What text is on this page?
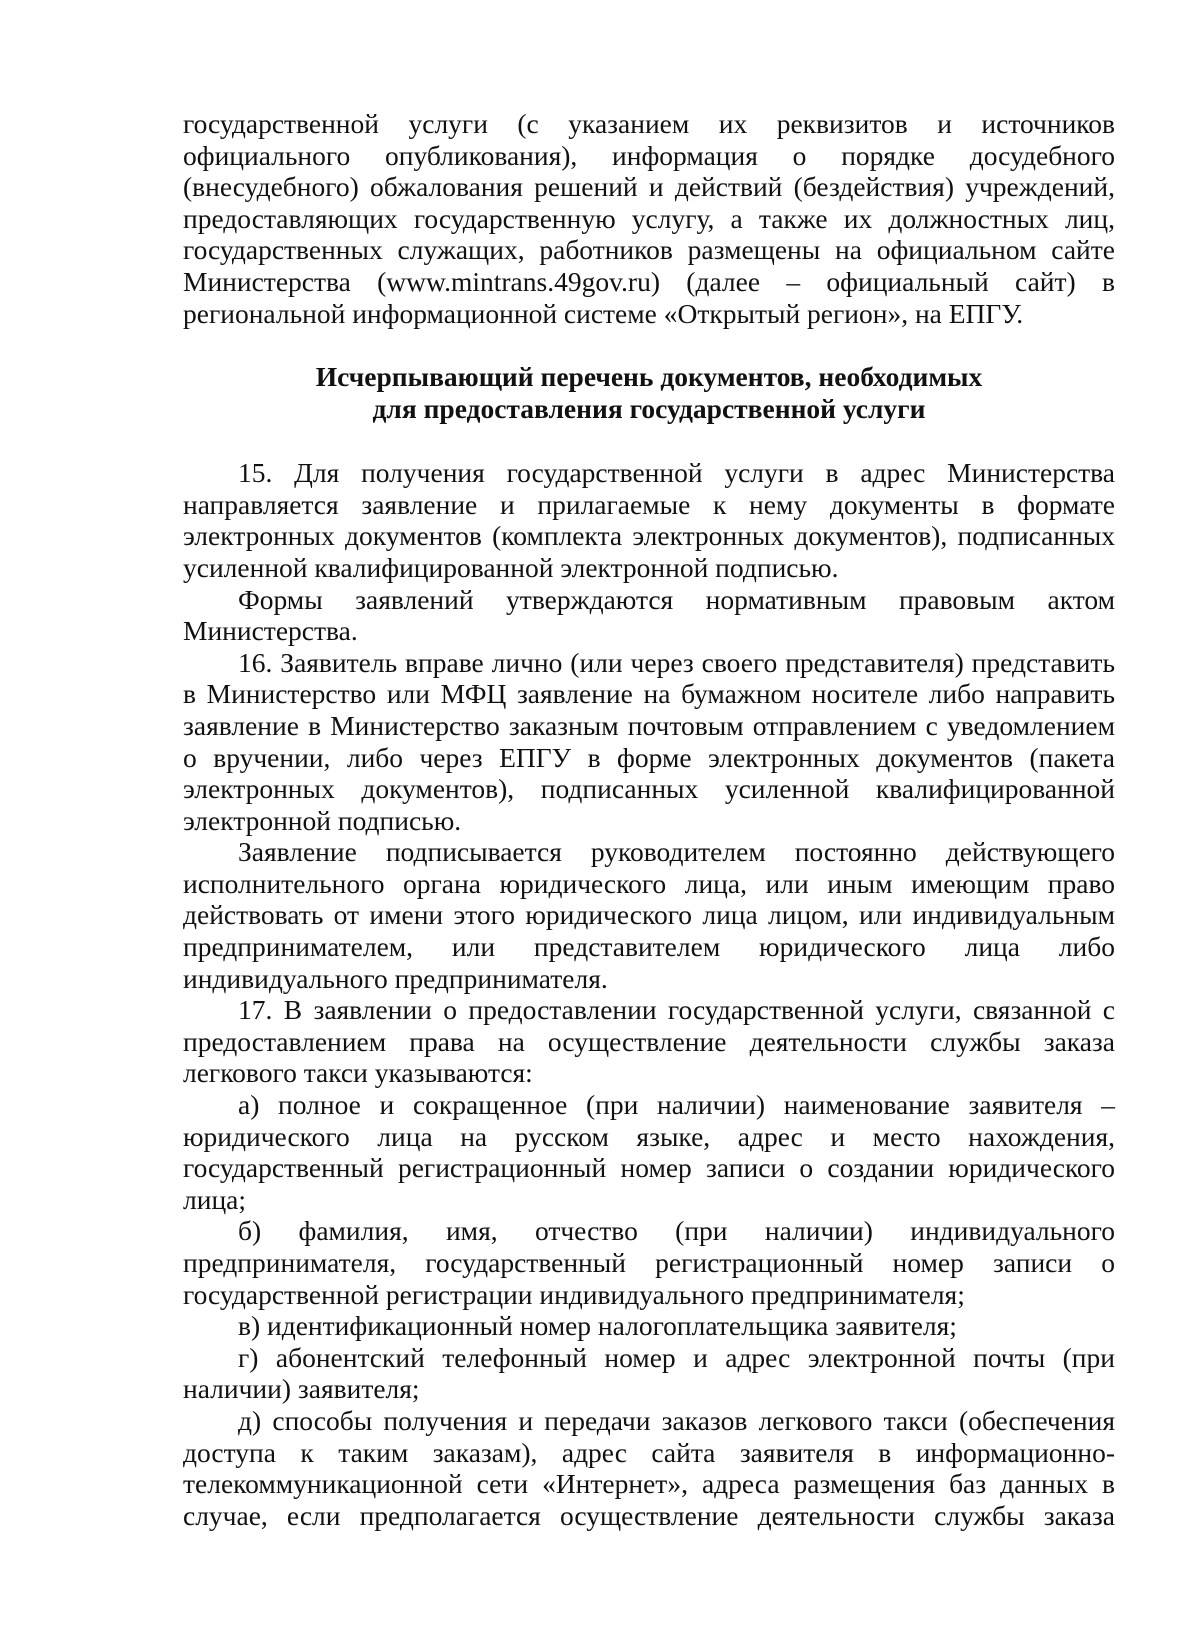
государственной услуги (с указанием их реквизитов и источников официального опубликования), информация о порядке досудебного (внесудебного) обжалования решений и действий (бездействия) учреждений, предоставляющих государственную услугу, а также их должностных лиц, государственных служащих, работников размещены на официальном сайте Министерства (www.mintrans.49gov.ru) (далее – официальный сайт) в региональной информационной системе «Открытый регион», на ЕПГУ.

Исчерпывающий перечень документов, необходимых
для предоставления государственной услуги

15. Для получения государственной услуги в адрес Министерства направляется заявление и прилагаемые к нему документы в формате электронных документов (комплекта электронных документов), подписанных усиленной квалифицированной электронной подписью.

Формы заявлений утверждаются нормативным правовым актом Министерства.

16. Заявитель вправе лично (или через своего представителя) представить в Министерство или МФЦ заявление на бумажном носителе либо направить заявление в Министерство заказным почтовым отправлением с уведомлением о вручении, либо через ЕПГУ в форме электронных документов (пакета электронных документов), подписанных усиленной квалифицированной электронной подписью.

Заявление подписывается руководителем постоянно действующего исполнительного органа юридического лица, или иным имеющим право действовать от имени этого юридического лица лицом, или индивидуальным предпринимателем, или представителем юридического лица либо индивидуального предпринимателя.

17. В заявлении о предоставлении государственной услуги, связанной с предоставлением права на осуществление деятельности службы заказа легкового такси указываются:

а) полное и сокращенное (при наличии) наименование заявителя – юридического лица на русском языке, адрес и место нахождения, государственный регистрационный номер записи о создании юридического лица;

б) фамилия, имя, отчество (при наличии) индивидуального предпринимателя, государственный регистрационный номер записи о государственной регистрации индивидуального предпринимателя;

в) идентификационный номер налогоплательщика заявителя;

г) абонентский телефонный номер и адрес электронной почты (при наличии) заявителя;

д) способы получения и передачи заказов легкового такси (обеспечения доступа к таким заказам), адрес сайта заявителя в информационно-телекоммуникационной сети «Интернет», адреса размещения баз данных в случае, если предполагается осуществление деятельности службы заказа
